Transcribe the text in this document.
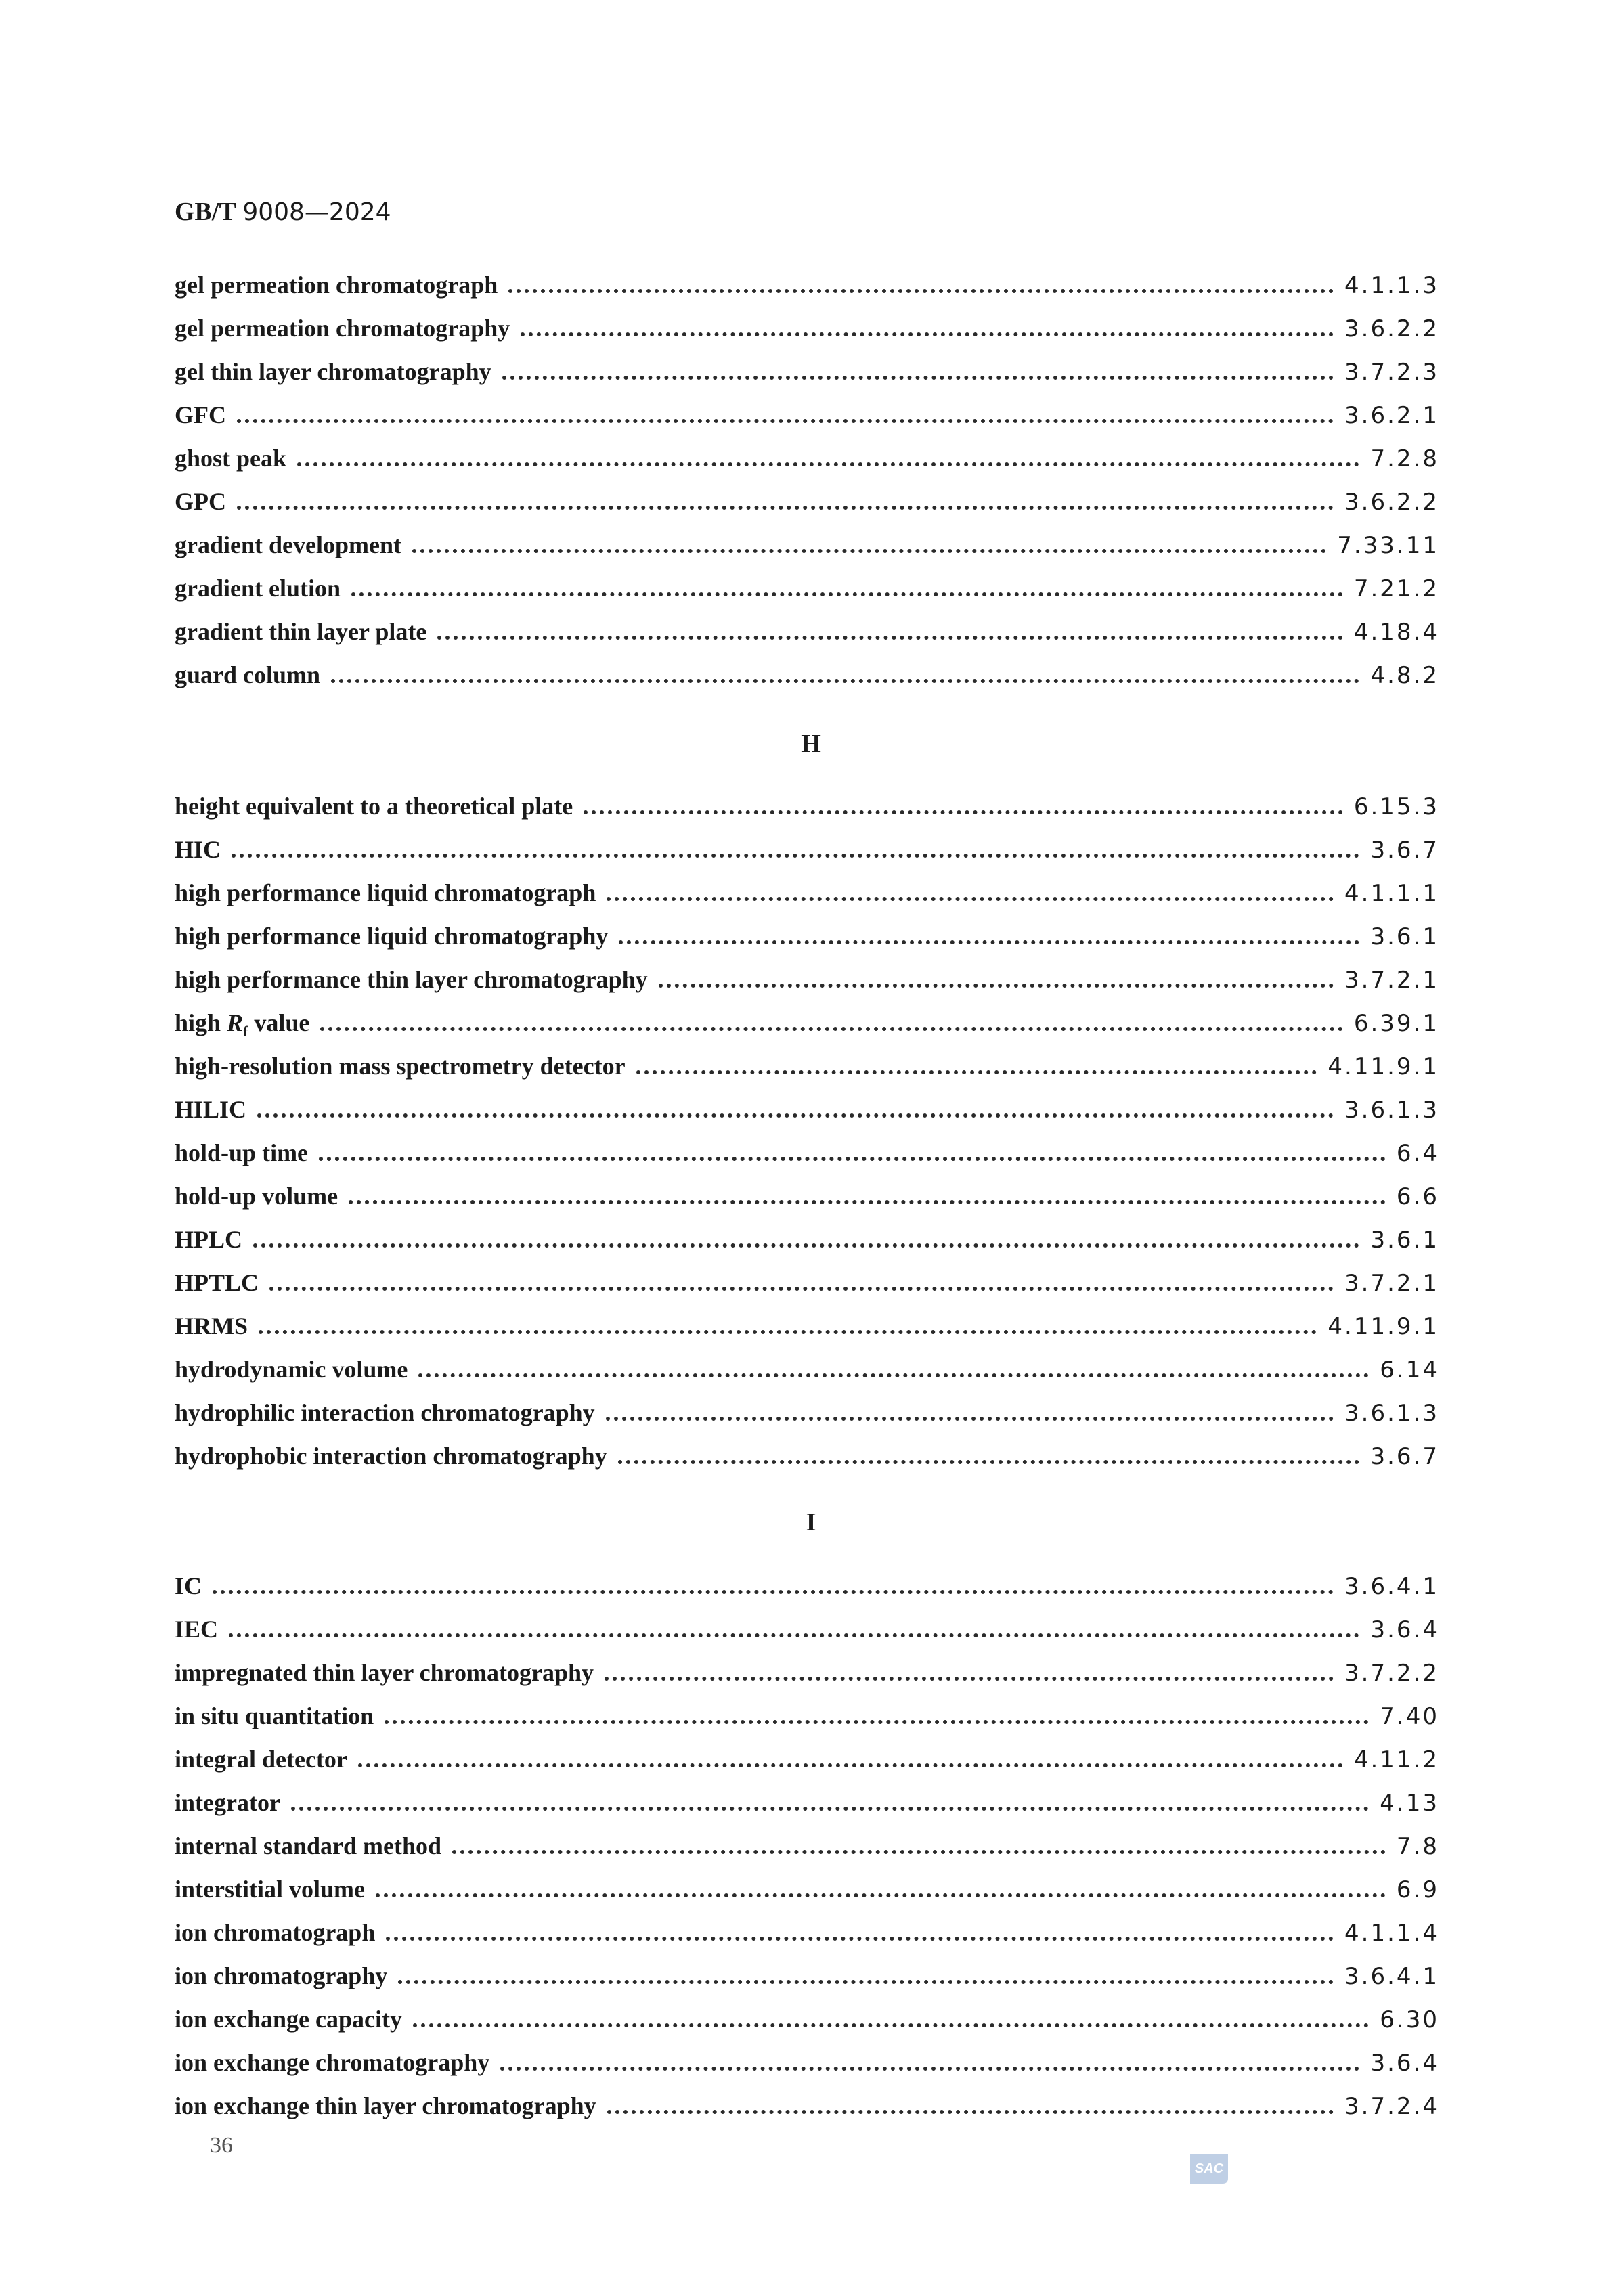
GB/T 9008—2024
gel permeation chromatograph	4.1.1.3
gel permeation chromatography	3.6.2.2
gel thin layer chromatography	3.7.2.3
GFC	3.6.2.1
ghost peak	7.2.8
GPC	3.6.2.2
gradient development	7.33.11
gradient elution	7.21.2
gradient thin layer plate	4.18.4
guard column	4.8.2
H
height equivalent to a theoretical plate	6.15.3
HIC	3.6.7
high performance liquid chromatograph	4.1.1.1
high performance liquid chromatography	3.6.1
high performance thin layer chromatography	3.7.2.1
high $R_f$ value	6.39.1
high-resolution mass spectrometry detector	4.11.9.1
HILIC	3.6.1.3
hold-up time	6.4
hold-up volume	6.6
HPLC	3.6.1
HPTLC	3.7.2.1
HRMS	4.11.9.1
hydrodynamic volume	6.14
hydrophilic interaction chromatography	3.6.1.3
hydrophobic interaction chromatography	3.6.7
I
IC	3.6.4.1
IEC	3.6.4
impregnated thin layer chromatography	3.7.2.2
in situ quantitation	7.40
integral detector	4.11.2
integrator	4.13
internal standard method	7.8
interstitial volume	6.9
ion chromatograph	4.1.1.4
ion chromatography	3.6.4.1
ion exchange capacity	6.30
ion exchange chromatography	3.6.4
ion exchange thin layer chromatography	3.7.2.4
36
SAC
